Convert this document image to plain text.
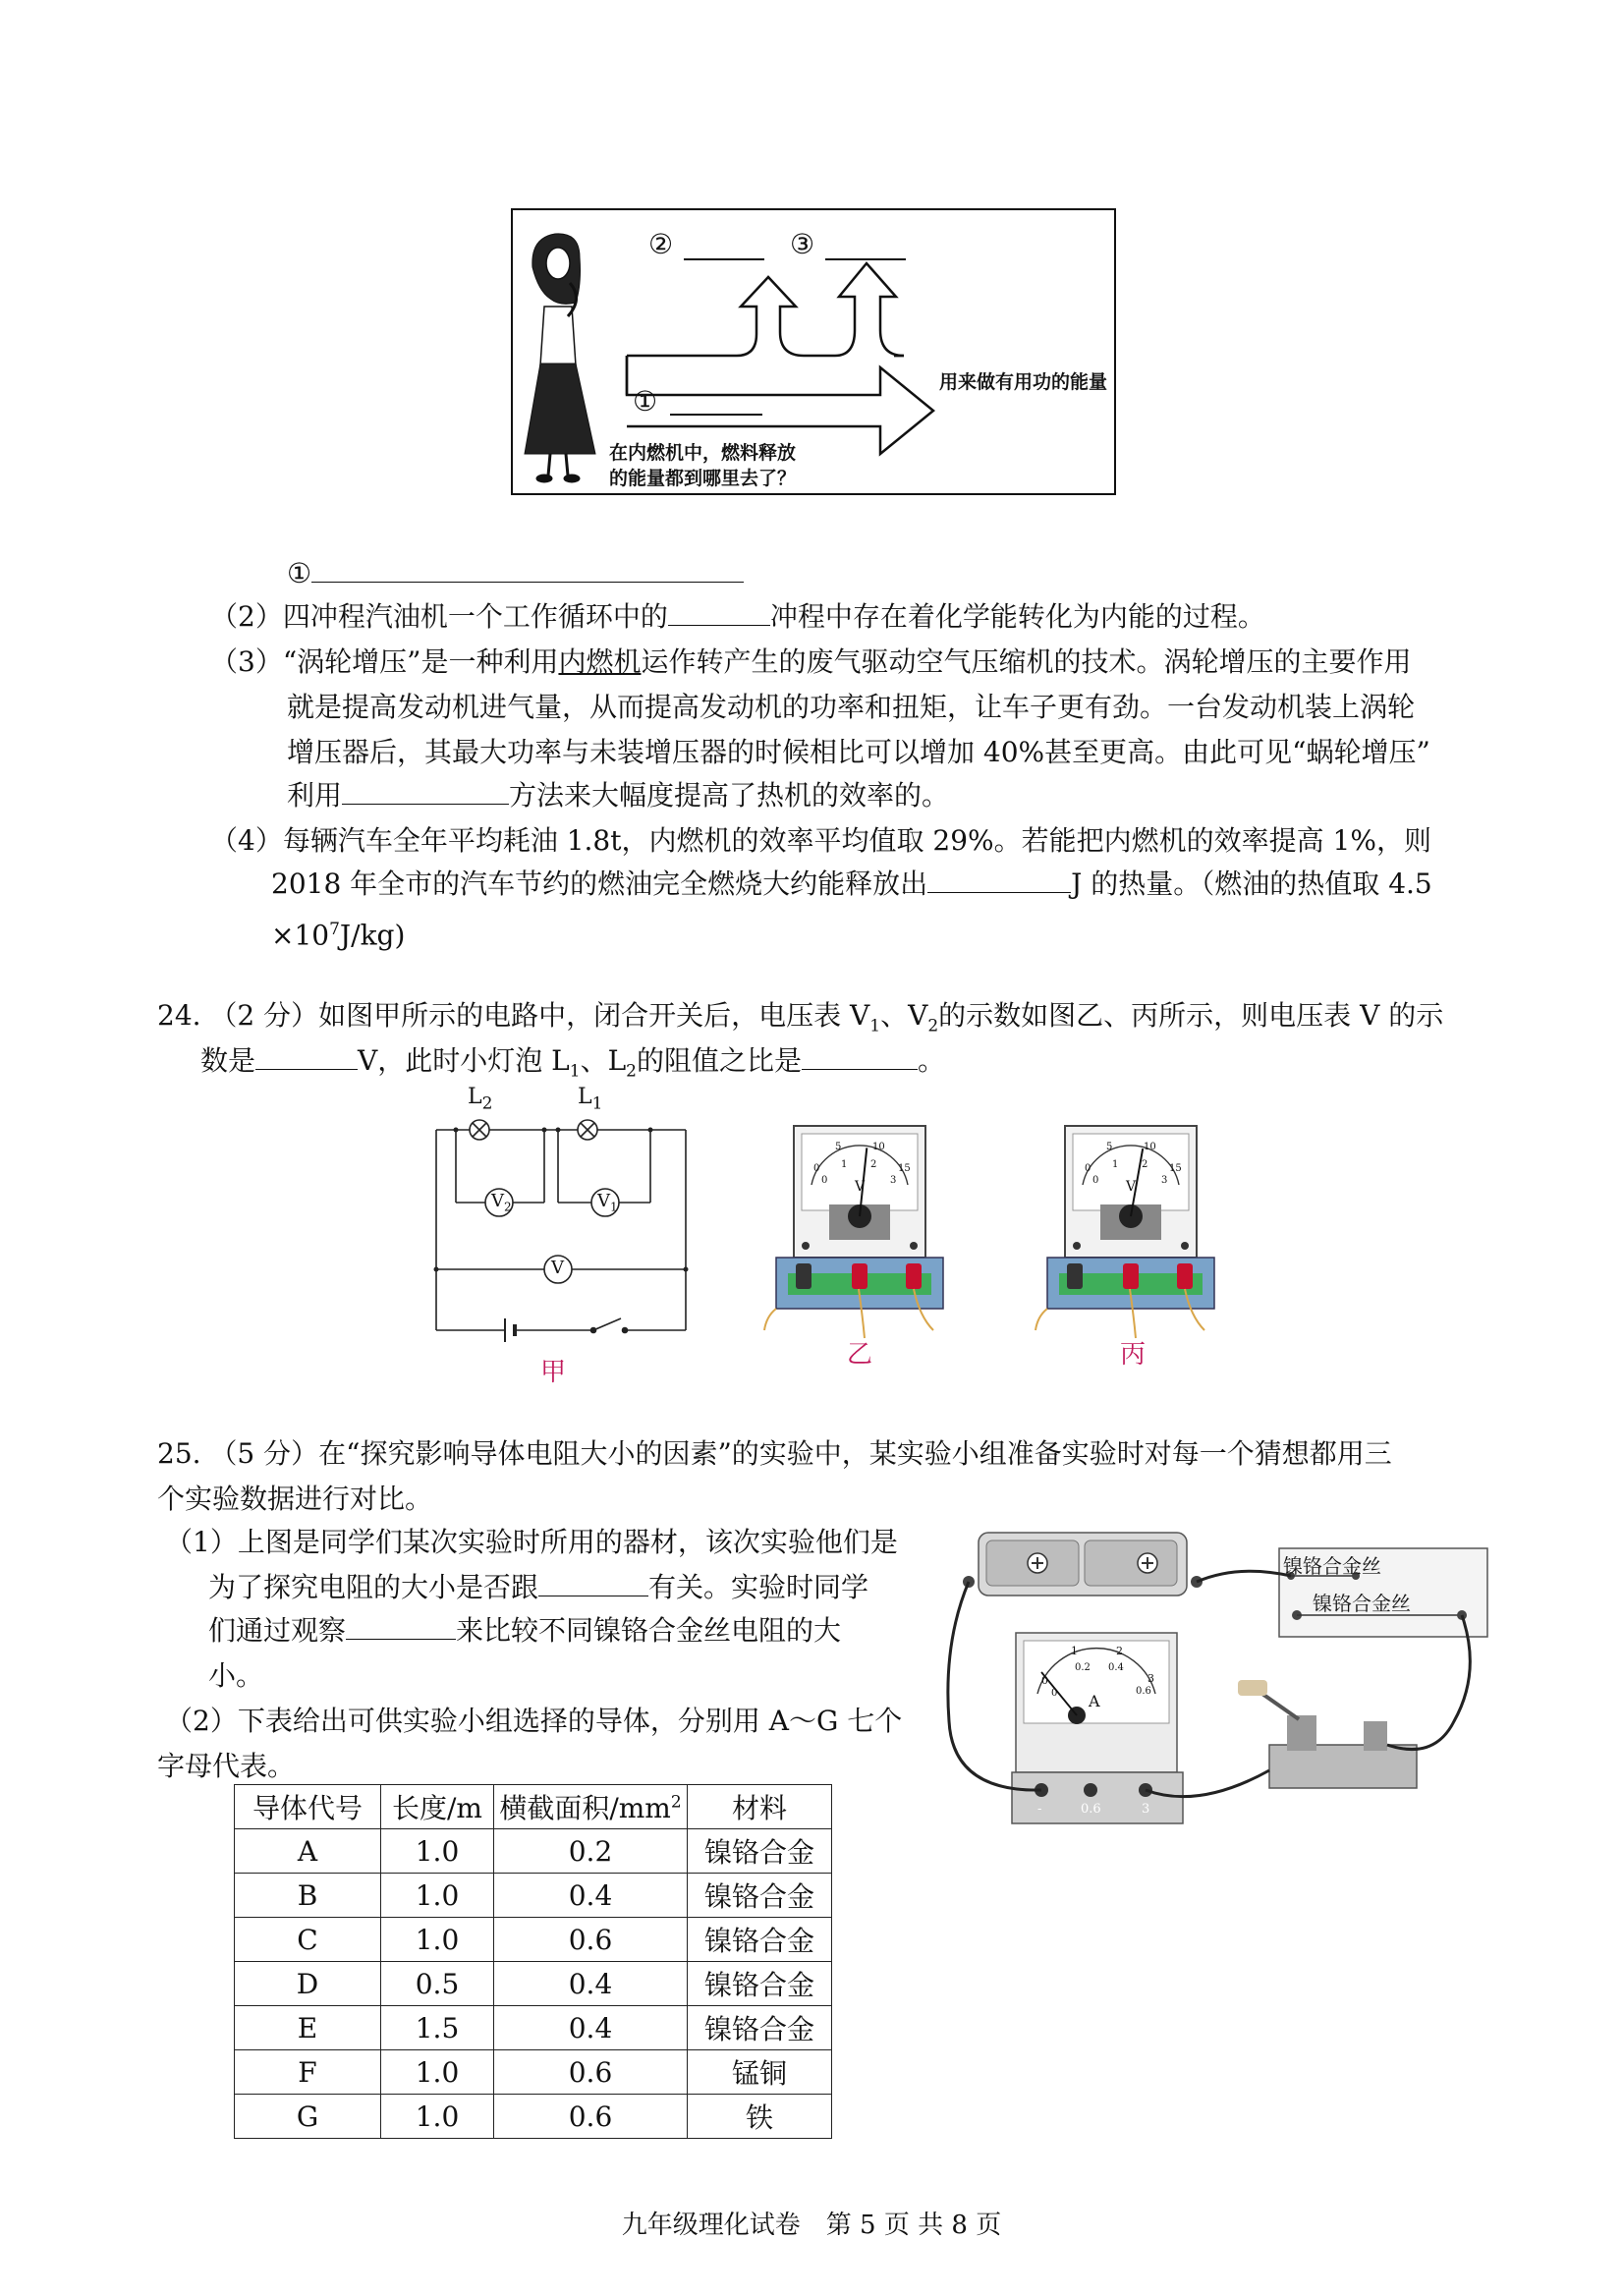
②	③
①
用来做有用功的能量
在内燃机中，燃料释放
的能量都到哪里去了？
①
（2）四冲程汽油机一个工作循环中的	冲程中存在着化学能转化为内能的过程。
（3）“涡轮增压”是一种利用内燃机运作转产生的废气驱动空气压缩机的技术。涡轮增压的主要作用
就是提高发动机进气量，从而提高发动机的功率和扭矩，让车子更有劲。一台发动机装上涡轮
增压器后，其最大功率与未装增压器的时候相比可以增加 40%甚至更高。由此可见“蜗轮增压”
利用	方法来大幅度提高了热机的效率的。
（4）每辆汽车全年平均耗油 1.8t，内燃机的效率平均值取 29%。若能把内燃机的效率提高 1%，则
2018 年全市的汽车节约的燃油完全燃烧大约能释放出	J 的热量。（燃油的热值取 4.5
$\times 10^7J/kg$)
24. （2 分）如图甲所示的电路中，闭合开关后，电压表 $V_1$、$V_2$的示数如图乙、丙所示，则电压表 V 的示
数是	V，此时小灯泡 $L_1$、$L_2$的阻值之比是	。
$L_2$	$L_1$
$V_2$	$V_1$
V
甲
0
5	10
15
0
1 2
3
V
乙
0
5	10
15
0
1 2
3
V
丙
25. （5 分）在“探究影响导体电阻大小的因素”的实验中，某实验小组准备实验时对每一个猜想都用三
个实验数据进行对比。
（1）上图是同学们某次实验时所用的器材，该次实验他们是
为了探究电阻的大小是否跟	有关。实验时同学
们通过观察	来比较不同镍铬合金丝电阻的大
小。
（2）下表给出可供实验小组选择的导体，分别用 A～G 七个
字母代表。
镍铬合金丝
镍铬合金丝
A
0
1	2
3
0
0.2 0.4
0.6
-	0.6	3
导体代号	长度/m	横截面积$/mm^2$	材料
A	1.0	0.2	镍铬合金
B	1.0	0.4	镍铬合金
C	1.0	0.6	镍铬合金
D	0.5	0.4	镍铬合金
E	1.5	0.4	镍铬合金
F	1.0	0.6	锰铜
G	1.0	0.6	铁
九年级理化试卷　第 5 页 共 8 页
